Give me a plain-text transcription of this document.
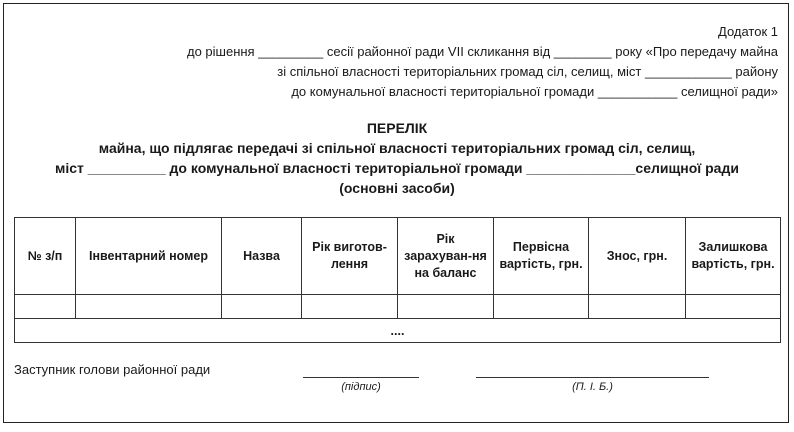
Додаток 1
до рішення _________ сесії районної ради VII скликання від ________ року «Про передачу майна
зі спільної власності територіальних громад сіл, селищ, міст ____________ району
до комунальної власності територіальної громади ___________ селищної ради»
ПЕРЕЛІК
майна, що підлягає передачі зі спільної власності територіальних громад сіл, селищ,
міст __________ до комунальної власності територіальної громади ______________селищної ради
(основні засоби)
№ з/п	Інвентарний номер	Назва	Рік виготов-лення	Рік зарахуван-ня на баланс	Первісна вартість, грн.	Знос, грн.	Залишкова вартість, грн.

....							
Заступник голови районної ради
(підпис)	(П. І. Б.)
